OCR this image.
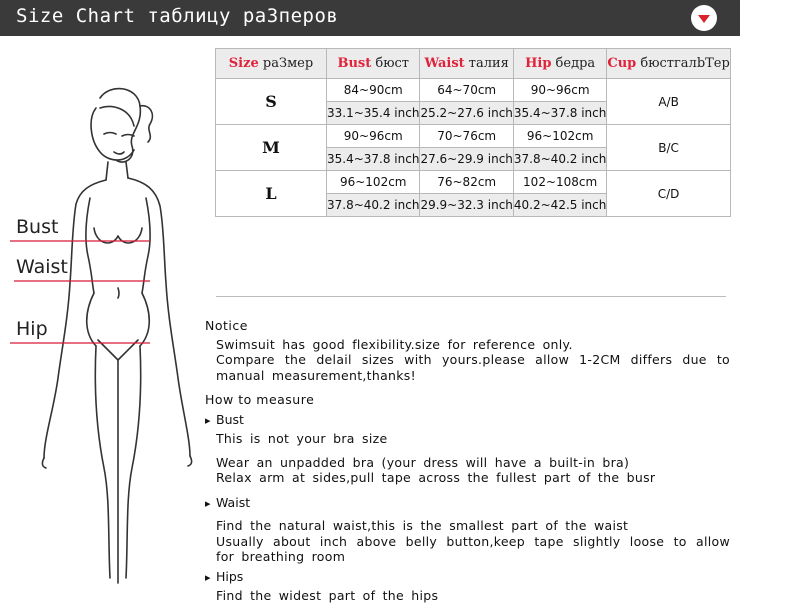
Size Chart таблицу раЗперов
Bust
Waist
Hip
Size раЗмер	Bust бюст	Waist талия	Hip бедра	Cup бюстгалbТер
S	84~90cm	64~70cm	90~96cm	A/B
	33.1~35.4 inch	25.2~27.6 inch	35.4~37.8 inch	
M	90~96cm	70~76cm	96~102cm	B/C
	35.4~37.8 inch	27.6~29.9 inch	37.8~40.2 inch	
L	96~102cm	76~82cm	102~108cm	C/D
	37.8~40.2 inch	29.9~32.3 inch	40.2~42.5 inch	
Notice
Swimsuit has good flexibility.size for reference only.
Compare the delail sizes with yours.please allow 1-2CM differs due to manual measurement,thanks!
How to measure
▸ Bust
This is not your bra size
Wear an unpadded bra (your dress will have a built-in bra)
Relax arm at sides,pull tape across the fullest part of the busr
▸ Waist
Find the natural waist,this is the smallest part of the waist
Usually about inch above belly button,keep tape slightly loose to allow for breathing room
▸ Hips
Find the widest part of the hips
